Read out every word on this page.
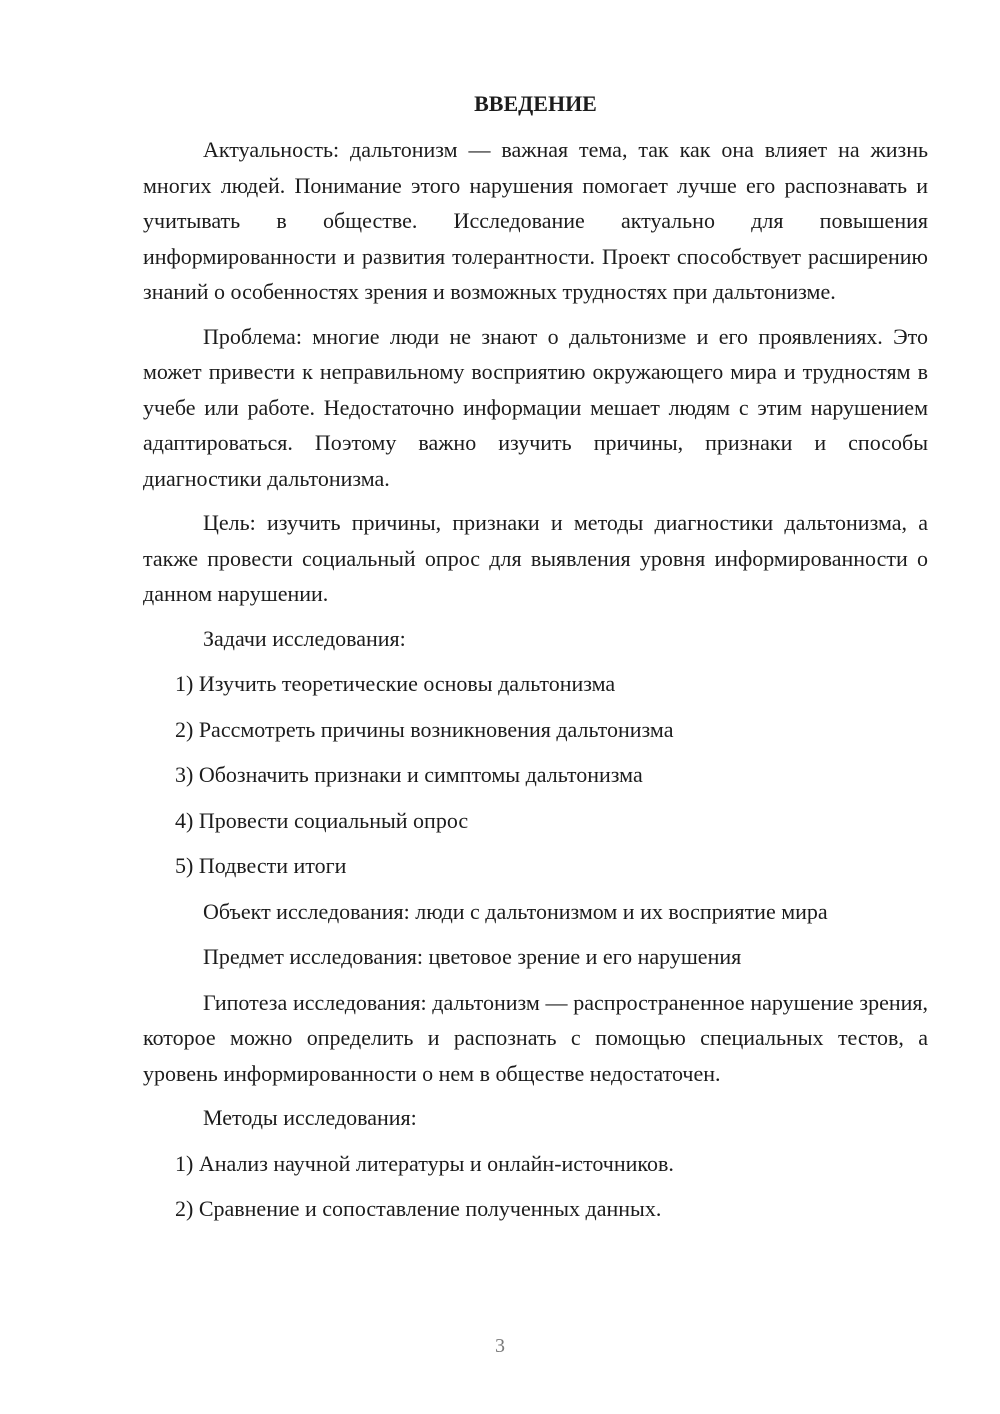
ВВЕДЕНИЕ

Актуальность: дальтонизм — важная тема, так как она влияет на жизнь многих людей. Понимание этого нарушения помогает лучше его распознавать и учитывать в обществе. Исследование актуально для повышения информированности и развития толерантности. Проект способствует расширению знаний о особенностях зрения и возможных трудностях при дальтонизме.

Проблема: многие люди не знают о дальтонизме и его проявлениях. Это может привести к неправильному восприятию окружающего мира и трудностям в учебе или работе. Недостаточно информации мешает людям с этим нарушением адаптироваться. Поэтому важно изучить причины, признаки и способы диагностики дальтонизма.

Цель: изучить причины, признаки и методы диагностики дальтонизма, а также провести социальный опрос для выявления уровня информированности о данном нарушении.

Задачи исследования:

1) Изучить теоретические основы дальтонизма
2) Рассмотреть причины возникновения дальтонизма
3) Обозначить признаки и симптомы дальтонизма
4) Провести социальный опрос
5) Подвести итоги

Объект исследования: люди с дальтонизмом и их восприятие мира

Предмет исследования: цветовое зрение и его нарушения

Гипотеза исследования: дальтонизм — распространенное нарушение зрения, которое можно определить и распознать с помощью специальных тестов, а уровень информированности о нем в обществе недостаточен.

Методы исследования:

1) Анализ научной литературы и онлайн-источников.
2) Сравнение и сопоставление полученных данных.
3
